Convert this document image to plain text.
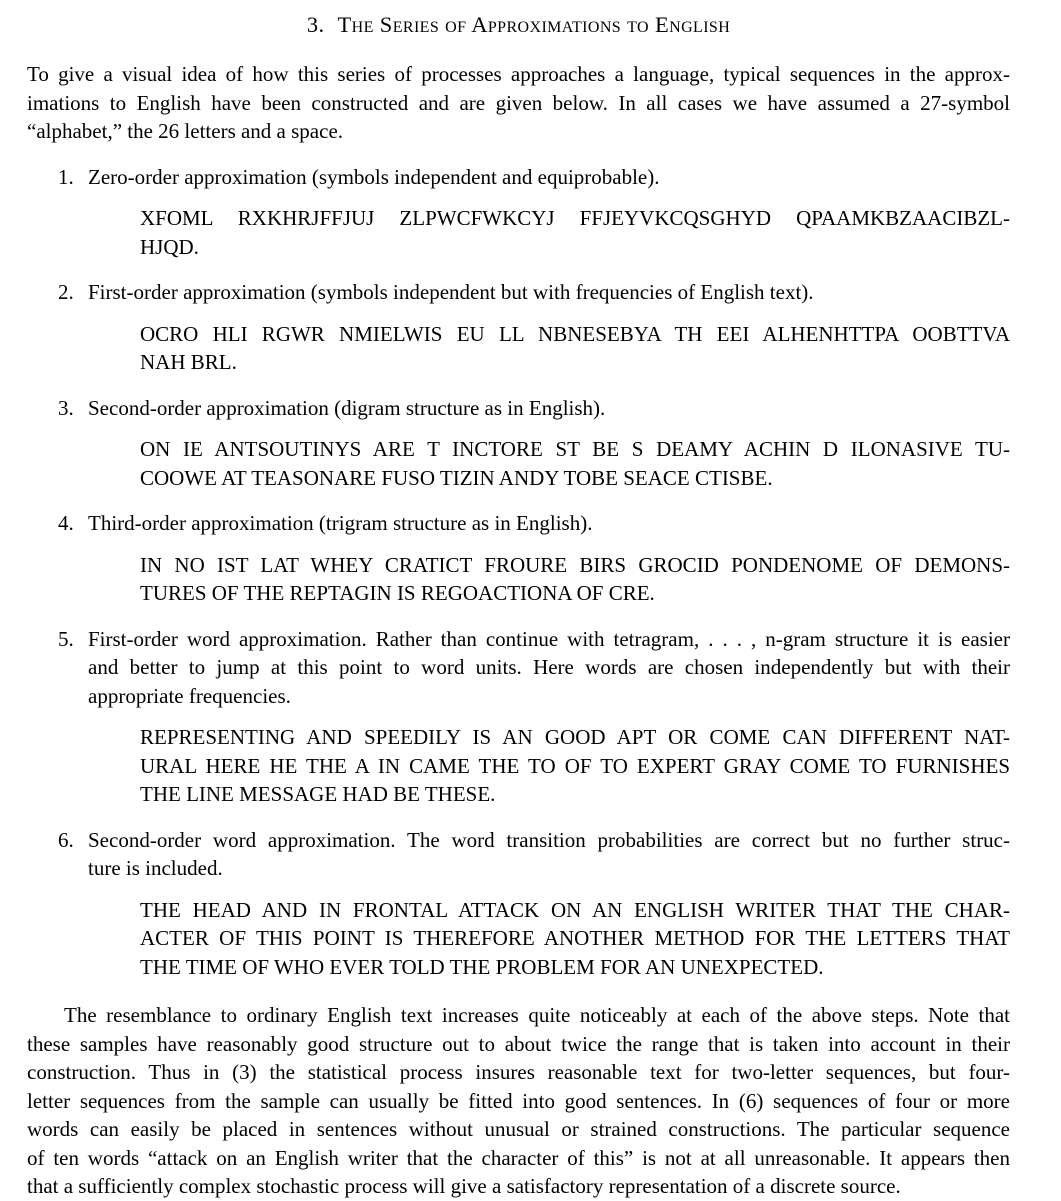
3. The Series of Approximations to English
To give a visual idea of how this series of processes approaches a language, typical sequences in the approx-
imations to English have been constructed and are given below. In all cases we have assumed a 27-symbol
“alphabet,” the 26 letters and a space.
1. Zero-order approximation (symbols independent and equiprobable).
XFOML RXKHRJFFJUJ ZLPWCFWKCYJ FFJEYVKCQSGHYD QPAAMKBZAACIBZL-
HJQD.
2. First-order approximation (symbols independent but with frequencies of English text).
OCRO HLI RGWR NMIELWIS EU LL NBNESEBYA TH EEI ALHENHTTPA OOBTTVA
NAH BRL.
3. Second-order approximation (digram structure as in English).
ON IE ANTSOUTINYS ARE T INCTORE ST BE S DEAMY ACHIN D ILONASIVE TU-
COOWE AT TEASONARE FUSO TIZIN ANDY TOBE SEACE CTISBE.
4. Third-order approximation (trigram structure as in English).
IN NO IST LAT WHEY CRATICT FROURE BIRS GROCID PONDENOME OF DEMONS-
TURES OF THE REPTAGIN IS REGOACTIONA OF CRE.
5. First-order word approximation. Rather than continue with tetragram, . . . , n-gram structure it is easier
and better to jump at this point to word units. Here words are chosen independently but with their
appropriate frequencies.
REPRESENTING AND SPEEDILY IS AN GOOD APT OR COME CAN DIFFERENT NAT-
URAL HERE HE THE A IN CAME THE TO OF TO EXPERT GRAY COME TO FURNISHES
THE LINE MESSAGE HAD BE THESE.
6. Second-order word approximation. The word transition probabilities are correct but no further struc-
ture is included.
THE HEAD AND IN FRONTAL ATTACK ON AN ENGLISH WRITER THAT THE CHAR-
ACTER OF THIS POINT IS THEREFORE ANOTHER METHOD FOR THE LETTERS THAT
THE TIME OF WHO EVER TOLD THE PROBLEM FOR AN UNEXPECTED.
The resemblance to ordinary English text increases quite noticeably at each of the above steps. Note that
these samples have reasonably good structure out to about twice the range that is taken into account in their
construction. Thus in (3) the statistical process insures reasonable text for two-letter sequences, but four-
letter sequences from the sample can usually be fitted into good sentences. In (6) sequences of four or more
words can easily be placed in sentences without unusual or strained constructions. The particular sequence
of ten words “attack on an English writer that the character of this” is not at all unreasonable. It appears then
that a sufficiently complex stochastic process will give a satisfactory representation of a discrete source.
